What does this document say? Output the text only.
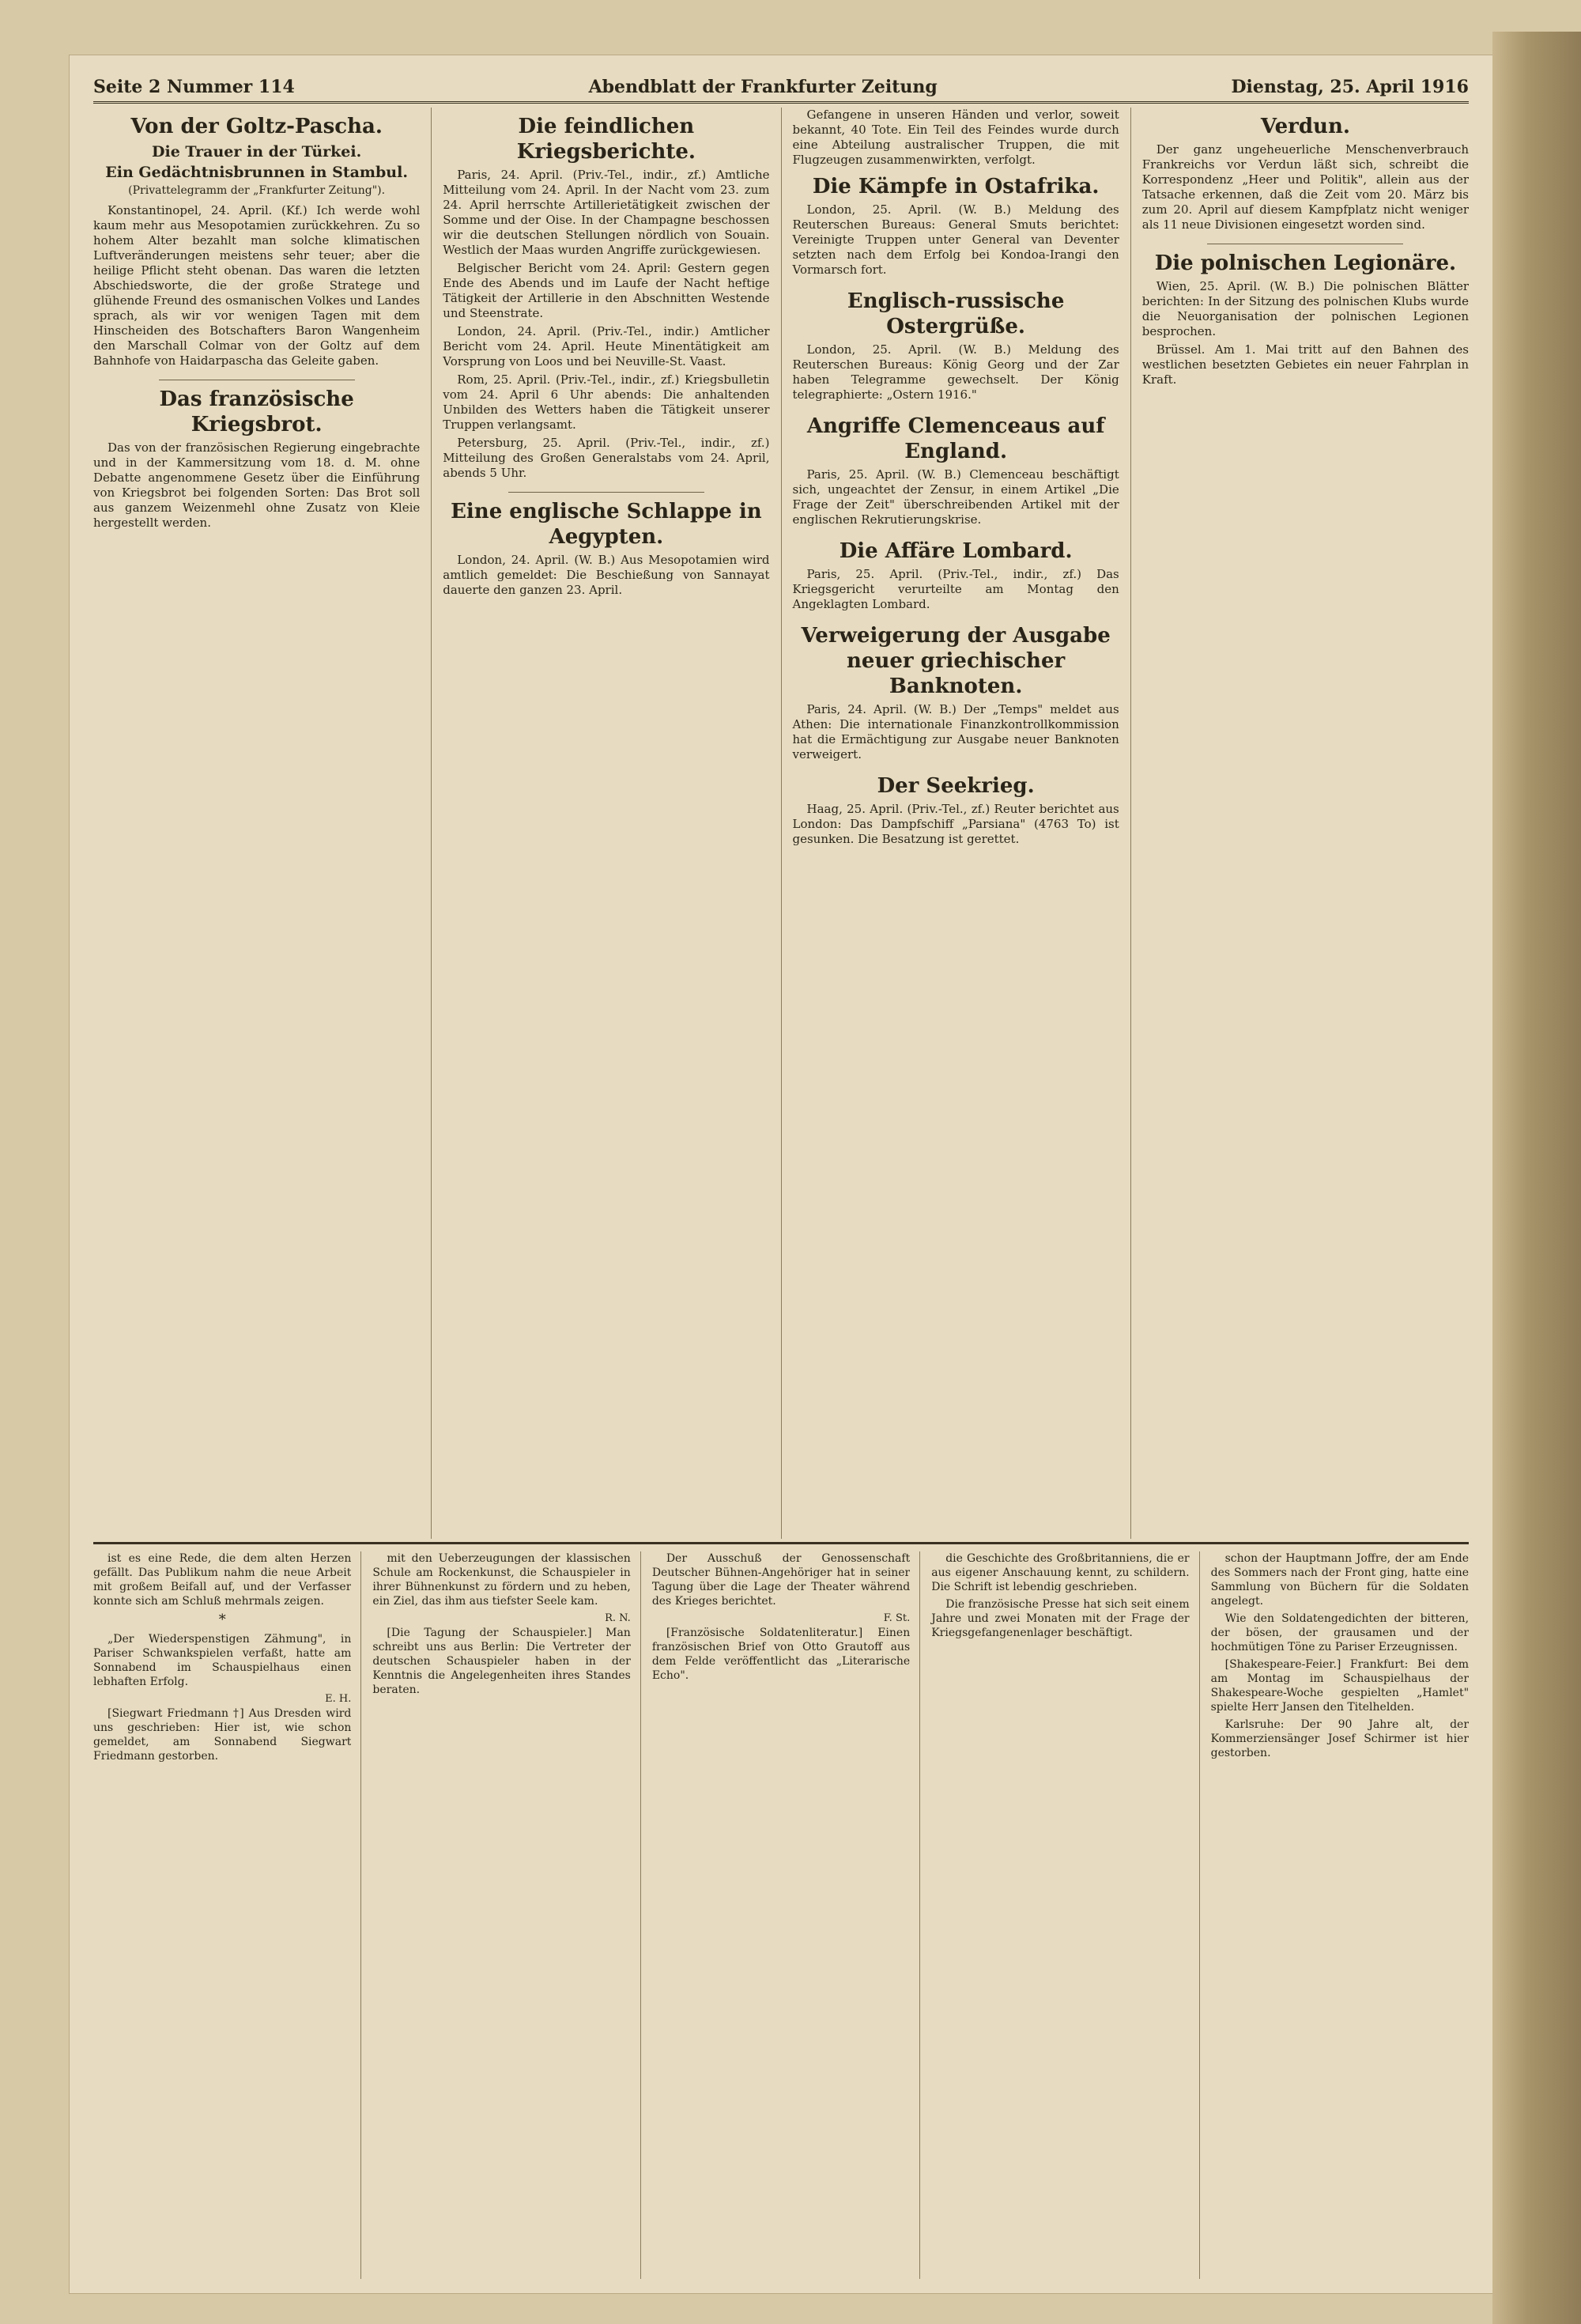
Seite 2 Nummer 114	Abendblatt der Frankfurter Zeitung	Dienstag, 25. April 1916
Von der Goltz-Pascha.
Die Trauer in der Türkei.
Ein Gedächtnisbrunnen in Stambul.
(Privattelegramm der „Frankfurter Zeitung").

Konstantinopel, 24. April. (Kf.) Ich werde wohl kaum mehr aus Mesopotamien zurückkehren. Zu so hohem Alter bezahlt man solche klimatischen Luftveränderungen meistens sehr teuer; aber die heilige Pflicht steht obenan. Das waren die letzten Abschiedsworte, die der große Stratege und glühende Freund des osmanischen Volkes und Landes sprach, als wir vor wenigen Tagen mit dem Hinscheiden des Botschafters Baron Wangenheim den Marschall Colmar von der Goltz auf dem Bahnhofe von Haidarpascha das Geleite gaben.

Das französische Kriegsbrot.

Das von der französischen Regierung eingebrachte und in der Kammersitzung vom 18. d. M. ohne Debatte angenommene Gesetz über die Einführung von Kriegsbrot bei folgenden Sorten: Das Brot soll aus ganzem Weizenmehl ohne Zusatz von Kleie hergestellt werden.

Die feindlichen Kriegsberichte.

Paris, 24. April. (Priv.-Tel., indir., zf.) Amtliche Mitteilung vom 24. April. In der Nacht vom 23. zum 24. April herrschte Artillerietätigkeit zwischen der Somme und der Oise. In der Champagne beschossen wir die deutschen Stellungen nördlich von Souain. Westlich der Maas wurden Angriffe zurückgewiesen.

Belgischer Bericht vom 24. April: Gestern gegen Ende des Abends und im Laufe der Nacht heftige Tätigkeit der Artillerie in den Abschnitten Westende und Steenstrate.

London, 24. April. (Priv.-Tel., indir.) Amtlicher Bericht vom 24. April. Heute Minentätigkeit am Vorsprung von Loos und bei Neuville-St. Vaast.

Rom, 25. April. (Priv.-Tel., indir., zf.) Kriegsbulletin vom 24. April 6 Uhr abends: Die anhaltenden Unbilden des Wetters haben die Tätigkeit unserer Truppen verlangsamt.

Petersburg, 25. April. (Priv.-Tel., indir., zf.) Mitteilung des Großen Generalstabs vom 24. April, abends 5 Uhr.

Eine englische Schlappe in Aegypten.

London, 24. April. (W. B.) Aus Mesopotamien wird amtlich gemeldet: Die Beschießung von Sannayat dauerte den ganzen 23. April.

Gefangene in unseren Händen und verlor, soweit bekannt, 40 Tote. Ein Teil des Feindes wurde durch eine Abteilung australischer Truppen, die mit Flugzeugen zusammenwirkten, verfolgt.

Die Kämpfe in Ostafrika.

London, 25. April. (W. B.) Meldung des Reuterschen Bureaus: General Smuts berichtet: Vereinigte Truppen unter General van Deventer setzten nach dem Erfolg bei Kondoa-Irangi den Vormarsch fort.

Englisch-russische Ostergrüße.

London, 25. April. (W. B.) Meldung des Reuterschen Bureaus: König Georg und der Zar haben Telegramme gewechselt. Der König telegraphierte: „Ostern 1916."

Angriffe Clemenceaus auf England.

Paris, 25. April. (W. B.) Clemenceau beschäftigt sich, ungeachtet der Zensur, in einem Artikel „Die Frage der Zeit" überschreibenden Artikel mit der englischen Rekrutierungskrise.

Die Affäre Lombard.

Paris, 25. April. (Priv.-Tel., indir., zf.) Das Kriegsgericht verurteilte am Montag den Angeklagten Lombard.

Verweigerung der Ausgabe neuer griechischer Banknoten.

Paris, 24. April. (W. B.) Der „Temps" meldet aus Athen: Die internationale Finanzkontrollkommission hat die Ermächtigung zur Ausgabe neuer Banknoten verweigert.

Der Seekrieg.

Haag, 25. April. (Priv.-Tel., zf.) Reuter berichtet aus London: Das Dampfschiff „Parsiana" (4763 To) ist gesunken. Die Besatzung ist gerettet.

Verdun.

Der ganz ungeheuerliche Menschenverbrauch Frankreichs vor Verdun läßt sich, schreibt die Korrespondenz „Heer und Politik", allein aus der Tatsache erkennen, daß die Zeit vom 20. März bis zum 20. April auf diesem Kampfplatz nicht weniger als 11 neue Divisionen eingesetzt worden sind.

Die polnischen Legionäre.

Wien, 25. April. (W. B.) Die polnischen Blätter berichten: In der Sitzung des polnischen Klubs wurde die Neuorganisation der polnischen Legionen besprochen.

Brüssel. Am 1. Mai tritt auf den Bahnen des westlichen besetzten Gebietes ein neuer Fahrplan in Kraft.

ist es eine Rede, die dem alten Herzen gefällt. Das Publikum nahm die neue Arbeit mit großem Beifall auf, und der Verfasser konnte sich am Schluß mehrmals zeigen.

*

„Der Wiederspenstigen Zähmung", in Pariser Schwankspielen verfaßt, hatte am Sonnabend im Schauspielhaus einen lebhaften Erfolg.

E. H.

[Siegwart Friedmann †] Aus Dresden wird uns geschrieben: Hier ist, wie schon gemeldet, am Sonnabend Siegwart Friedmann gestorben.

mit den Ueberzeugungen der klassischen Schule am Rockenkunst, die Schauspieler in ihrer Bühnenkunst zu fördern und zu heben, ein Ziel, das ihm aus tiefster Seele kam.

R. N.

[Die Tagung der Schauspieler.] Man schreibt uns aus Berlin: Die Vertreter der deutschen Schauspieler haben in der Kenntnis die Angelegenheiten ihres Standes beraten.

Der Ausschuß der Genossenschaft Deutscher Bühnen-Angehöriger hat in seiner Tagung über die Lage der Theater während des Krieges berichtet.

F. St.

[Französische Soldatenliteratur.] Einen französischen Brief von Otto Grautoff aus dem Felde veröffentlicht das „Literarische Echo".

die Geschichte des Großbritanniens, die er aus eigener Anschauung kennt, zu schildern. Die Schrift ist lebendig geschrieben.

Die französische Presse hat sich seit einem Jahre und zwei Monaten mit der Frage der Kriegsgefangenenlager beschäftigt.

schon der Hauptmann Joffre, der am Ende des Sommers nach der Front ging, hatte eine Sammlung von Büchern für die Soldaten angelegt.

Wie den Soldatengedichten der bitteren, der bösen, der grausamen und der hochmütigen Töne zu Pariser Erzeugnissen.

[Shakespeare-Feier.] Frankfurt: Bei dem am Montag im Schauspielhaus der Shakespeare-Woche gespielten „Hamlet" spielte Herr Jansen den Titelhelden.

Karlsruhe: Der 90 Jahre alt, der Kommerziensänger Josef Schirmer ist hier gestorben.
